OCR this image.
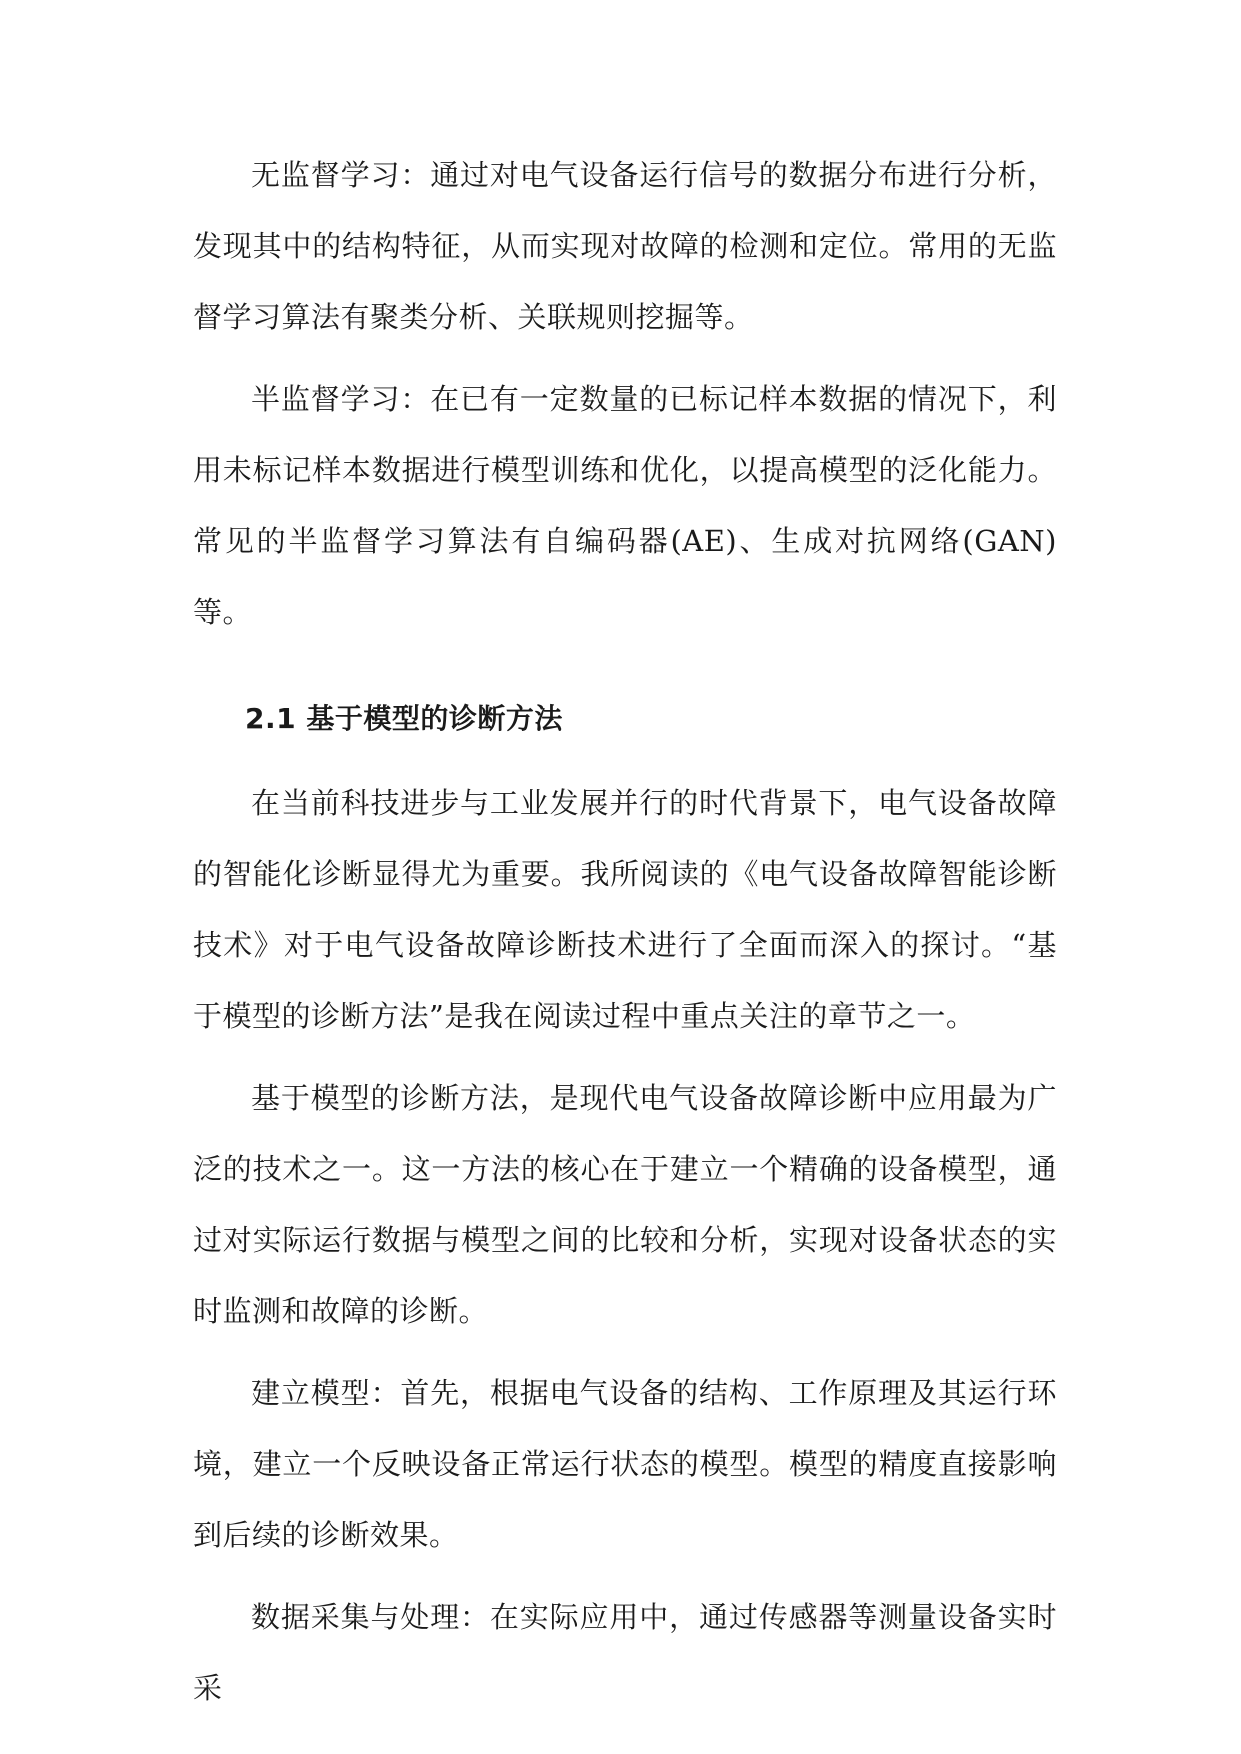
无监督学习：通过对电气设备运行信号的数据分布进行分析，发现其中的结构特征，从而实现对故障的检测和定位。常用的无监督学习算法有聚类分析、关联规则挖掘等。

半监督学习：在已有一定数量的已标记样本数据的情况下，利用未标记样本数据进行模型训练和优化，以提高模型的泛化能力。常见的半监督学习算法有自编码器(AE)、生成对抗网络(GAN)等。

2.1 基于模型的诊断方法

在当前科技进步与工业发展并行的时代背景下，电气设备故障的智能化诊断显得尤为重要。我所阅读的《电气设备故障智能诊断技术》对于电气设备故障诊断技术进行了全面而深入的探讨。“基于模型的诊断方法”是我在阅读过程中重点关注的章节之一。

基于模型的诊断方法，是现代电气设备故障诊断中应用最为广泛的技术之一。这一方法的核心在于建立一个精确的设备模型，通过对实际运行数据与模型之间的比较和分析，实现对设备状态的实时监测和故障的诊断。

建立模型：首先，根据电气设备的结构、工作原理及其运行环境，建立一个反映设备正常运行状态的模型。模型的精度直接影响到后续的诊断效果。

数据采集与处理：在实际应用中，通过传感器等测量设备实时采
